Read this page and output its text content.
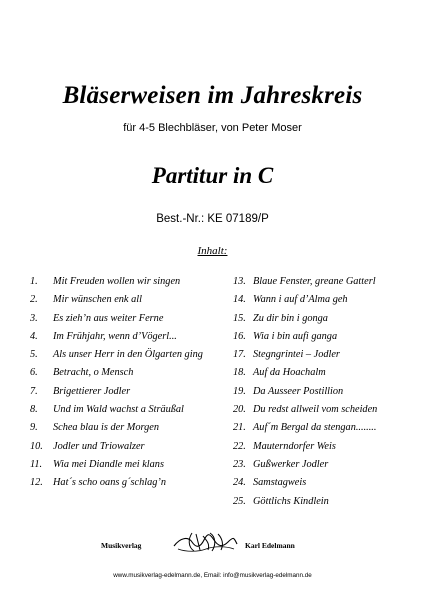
Bläserweisen im Jahreskreis
für 4-5 Blechbläser, von Peter Moser
Partitur in C
Best.-Nr.: KE 07189/P
Inhalt:
1.	Mit Freuden wollen wir singen
2.	Mir wünschen enk all
3.	Es zieh’n aus weiter Ferne
4.	Im Frühjahr, wenn d’Vögerl...
5.	Als unser Herr in den Ölgarten ging
6.	Betracht, o Mensch
7.	Brigettierer Jodler
8.	Und im Wald wachst a Sträußal
9.	Schea blau is der Morgen
10. Jodler und Triowalzer
11.	Wia mei Diandle mei klans
12. Hat´s scho oans g´schlag’n
13. Blaue Fenster, greane Gatterl
14. Wann i auf d’Alma geh
15. Zu dir bin i gonga
16. Wia i bin aufi ganga
17. Stegngrintei – Jodler
18. Auf da Hoachalm
19. Da Ausseer Postillion
20. Du redst allweil vom scheiden
21. Auf´m Bergal da stengan........
22. Mauterndorfer Weis
23. Gußwerker Jodler
24. Samstagweis
25. Göttlichs Kindlein
Musikverlag	Karl Edelmann
www.musikverlag-edelmann.de, Email: info@musikverlag-edelmann.de
